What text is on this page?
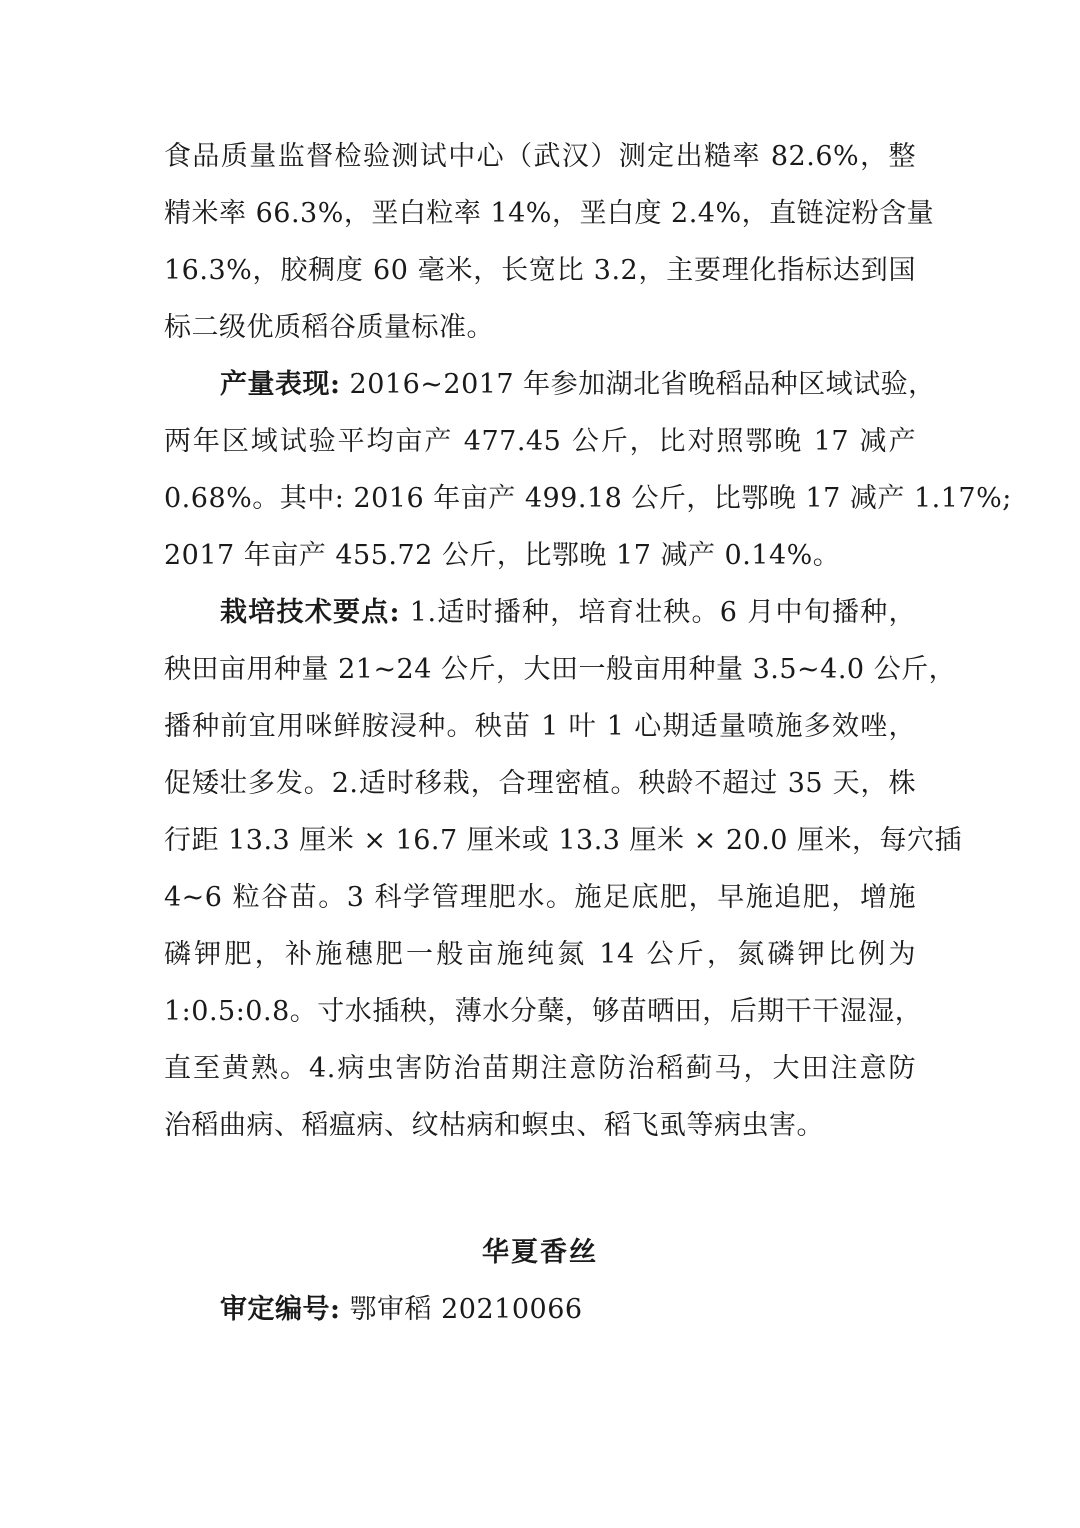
食品质量监督检验测试中心（武汉）测定出糙率 82.6%，整
精米率 66.3%，垩白粒率 14%，垩白度 2.4%，直链淀粉含量
16.3%，胶稠度 60 毫米，长宽比 3.2，主要理化指标达到国
标二级优质稻谷质量标准。
产量表现: 2016~2017 年参加湖北省晚稻品种区域试验，
两年区域试验平均亩产 477.45 公斤，比对照鄂晚 17 减产
0.68%。其中: 2016 年亩产 499.18 公斤，比鄂晚 17 减产 1.17%;
2017 年亩产 455.72 公斤，比鄂晚 17 减产 0.14%。
栽培技术要点: 1.适时播种，培育壮秧。6 月中旬播种，
秧田亩用种量 21~24 公斤，大田一般亩用种量 3.5~4.0 公斤，
播种前宜用咪鲜胺浸种。秧苗 1 叶 1 心期适量喷施多效唑，
促矮壮多发。2.适时移栽，合理密植。秧龄不超过 35 天，株
行距 13.3 厘米 × 16.7 厘米或 13.3 厘米 × 20.0 厘米，每穴插
4~6 粒谷苗。3 科学管理肥水。施足底肥，早施追肥，增施
磷钾肥，补施穗肥一般亩施纯氮 14 公斤，氮磷钾比例为
1:0.5:0.8。寸水插秧，薄水分蘖，够苗晒田，后期干干湿湿，
直至黄熟。4.病虫害防治苗期注意防治稻蓟马，大田注意防
治稻曲病、稻瘟病、纹枯病和螟虫、稻飞虱等病虫害。
华夏香丝
审定编号: 鄂审稻 20210066
